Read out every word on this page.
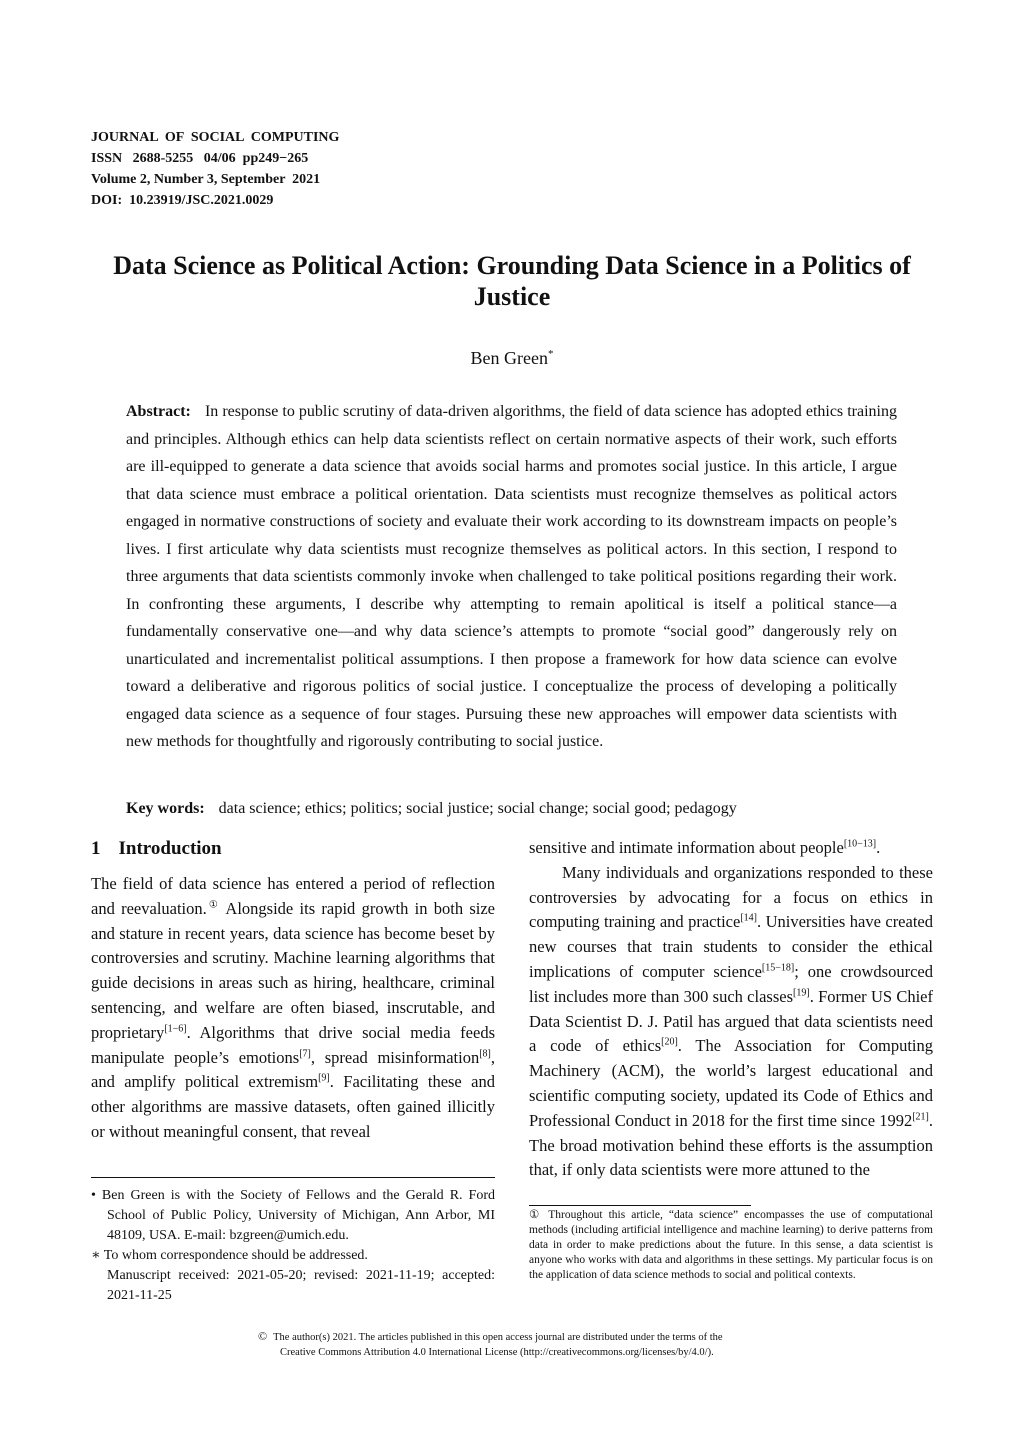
JOURNAL  OF  SOCIAL  COMPUTING
ISSN   2688-5255   04/06  pp249−265
Volume 2, Number 3, September  2021
DOI:  10.23919/JSC.2021.0029
Data Science as Political Action: Grounding Data Science in a Politics of Justice
Ben Green*

Abstract: In response to public scrutiny of data-driven algorithms, the field of data science has adopted ethics training and principles. Although ethics can help data scientists reflect on certain normative aspects of their work, such efforts are ill-equipped to generate a data science that avoids social harms and promotes social justice. In this article, I argue that data science must embrace a political orientation. Data scientists must recognize themselves as political actors engaged in normative constructions of society and evaluate their work according to its downstream impacts on people’s lives. I first articulate why data scientists must recognize themselves as political actors. In this section, I respond to three arguments that data scientists commonly invoke when challenged to take political positions regarding their work. In confronting these arguments, I describe why attempting to remain apolitical is itself a political stance—a fundamentally conservative one—and why data science’s attempts to promote “social good” dangerously rely on unarticulated and incrementalist political assumptions. I then propose a framework for how data science can evolve toward a deliberative and rigorous politics of social justice. I conceptualize the process of developing a politically engaged data science as a sequence of four stages. Pursuing these new approaches will empower data scientists with new methods for thoughtfully and rigorously contributing to social justice.

Key words: data science; ethics; politics; social justice; social change; social good; pedagogy

1 Introduction

The field of data science has entered a period of reflection and reevaluation.① Alongside its rapid growth in both size and stature in recent years, data science has become beset by controversies and scrutiny. Machine learning algorithms that guide decisions in areas such as hiring, healthcare, criminal sentencing, and welfare are often biased, inscrutable, and proprietary[1−6]. Algorithms that drive social media feeds manipulate people’s emotions[7], spread misinformation[8], and amplify political extremism[9]. Facilitating these and other algorithms are massive datasets, often gained illicitly or without meaningful consent, that reveal

sensitive and intimate information about people[10−13].

Many individuals and organizations responded to these controversies by advocating for a focus on ethics in computing training and practice[14]. Universities have created new courses that train students to consider the ethical implications of computer science[15−18]; one crowdsourced list includes more than 300 such classes[19]. Former US Chief Data Scientist D. J. Patil has argued that data scientists need a code of ethics[20]. The Association for Computing Machinery (ACM), the world’s largest educational and scientific computing society, updated its Code of Ethics and Professional Conduct in 2018 for the first time since 1992[21]. The broad motivation behind these efforts is the assumption that, if only data scientists were more attuned to the

• Ben Green is with the Society of Fellows and the Gerald R. Ford School of Public Policy, University of Michigan, Ann Arbor, MI 48109, USA. E-mail: bzgreen@umich.edu.

∗ To whom correspondence should be addressed.

Manuscript received: 2021-05-20; revised: 2021-11-19; accepted: 2021-11-25

① Throughout this article, “data science” encompasses the use of computational methods (including artificial intelligence and machine learning) to derive patterns from data in order to make predictions about the future. In this sense, a data scientist is anyone who works with data and algorithms in these settings. My particular focus is on the application of data science methods to social and political contexts.

© The author(s) 2021. The articles published in this open access journal are distributed under the terms of the
Creative Commons Attribution 4.0 International License (http://creativecommons.org/licenses/by/4.0/).
